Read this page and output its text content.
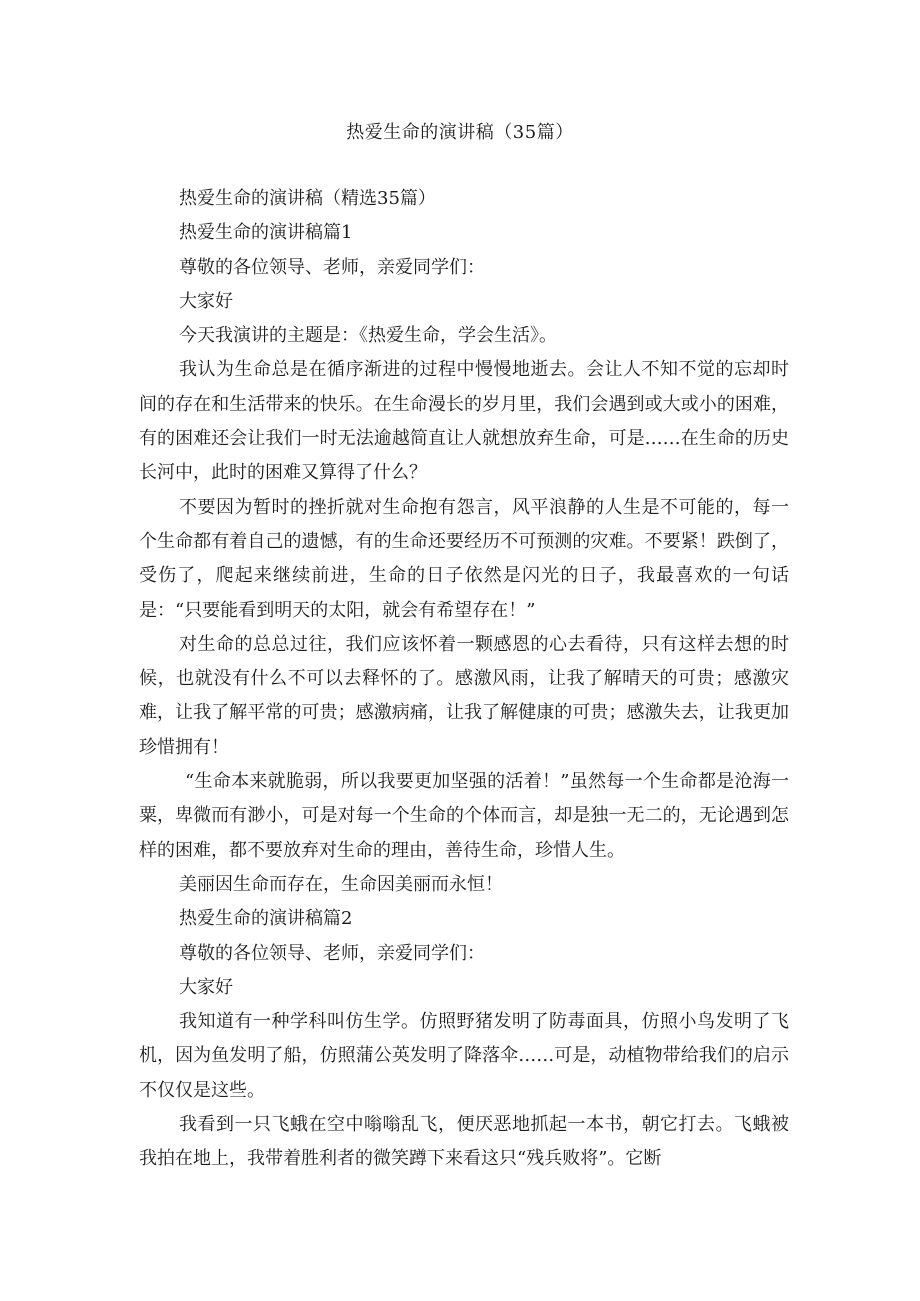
热爱生命的演讲稿（35篇）

热爱生命的演讲稿（精选35篇）

热爱生命的演讲稿篇1

尊敬的各位领导、老师，亲爱同学们：

大家好

今天我演讲的主题是：《热爱生命，学会生活》。

我认为生命总是在循序渐进的过程中慢慢地逝去。会让人不知不觉的忘却时间的存在和生活带来的快乐。在生命漫长的岁月里，我们会遇到或大或小的困难，有的困难还会让我们一时无法逾越简直让人就想放弃生命，可是……在生命的历史长河中，此时的困难又算得了什么？

不要因为暂时的挫折就对生命抱有怨言，风平浪静的人生是不可能的，每一个生命都有着自己的遗憾，有的生命还要经历不可预测的灾难。不要紧！跌倒了，受伤了，爬起来继续前进，生命的日子依然是闪光的日子，我最喜欢的一句话是：“只要能看到明天的太阳，就会有希望存在！”

对生命的总总过往，我们应该怀着一颗感恩的心去看待，只有这样去想的时候，也就没有什么不可以去释怀的了。感激风雨，让我了解晴天的可贵；感激灾难，让我了解平常的可贵；感激病痛，让我了解健康的可贵；感激失去，让我更加珍惜拥有！

“生命本来就脆弱，所以我要更加坚强的活着！”虽然每一个生命都是沧海一粟，卑微而有渺小，可是对每一个生命的个体而言，却是独一无二的，无论遇到怎样的困难，都不要放弃对生命的理由，善待生命，珍惜人生。

美丽因生命而存在，生命因美丽而永恒！

热爱生命的演讲稿篇2

尊敬的各位领导、老师，亲爱同学们：

大家好

我知道有一种学科叫仿生学。仿照野猪发明了防毒面具，仿照小鸟发明了飞机，因为鱼发明了船，仿照蒲公英发明了降落伞……可是，动植物带给我们的启示不仅仅是这些。

我看到一只飞蛾在空中嗡嗡乱飞，便厌恶地抓起一本书，朝它打去。飞蛾被我拍在地上，我带着胜利者的微笑蹲下来看这只“残兵败将”。它断
